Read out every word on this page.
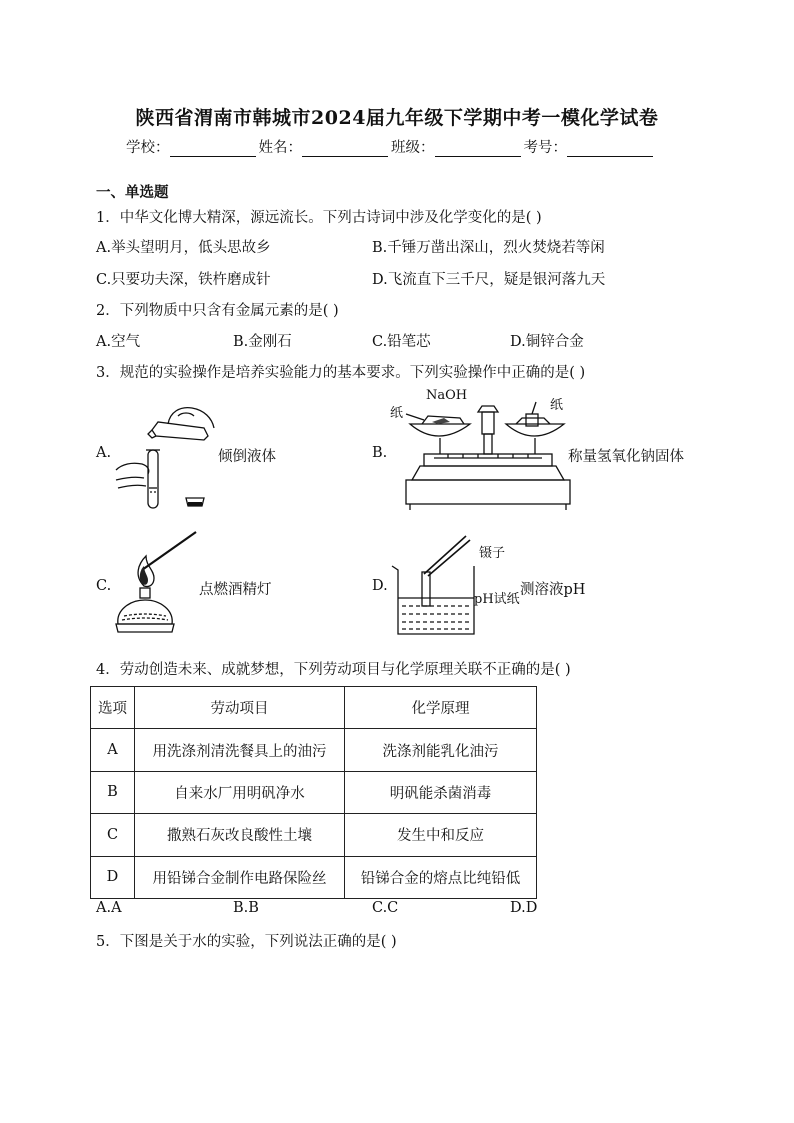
陕西省渭南市韩城市2024届九年级下学期中考一模化学试卷
学校：	姓名：	班级：	考号：
一、单选题
1．中华文化博大精深，源远流长。下列古诗词中涉及化学变化的是( )
A.举头望明月，低头思故乡	B.千锤万凿出深山，烈火焚烧若等闲
C.只要功夫深，铁杵磨成针	D.飞流直下三千尺，疑是银河落九天
2．下列物质中只含有金属元素的是( )
A.空气	B.金刚石	C.铅笔芯	D.铜锌合金
3．规范的实验操作是培养实验能力的基本要求。下列实验操作中正确的是( )
A.	倾倒液体	B.
NaOH
纸
纸
称量氢氧化钠固体
C.	点燃酒精灯	D.
镊子
pH试纸
测溶液pH
4．劳动创造未来、成就梦想，下列劳动项目与化学原理关联不正确的是( )
选项	劳动项目	化学原理
A	用洗涤剂清洗餐具上的油污	洗涤剂能乳化油污
B	自来水厂用明矾净水	明矾能杀菌消毒
C	撒熟石灰改良酸性土壤	发生中和反应
D	用铅锑合金制作电路保险丝	铅锑合金的熔点比纯铅低
A.A	B.B	C.C	D.D
5．下图是关于水的实验，下列说法正确的是( )
